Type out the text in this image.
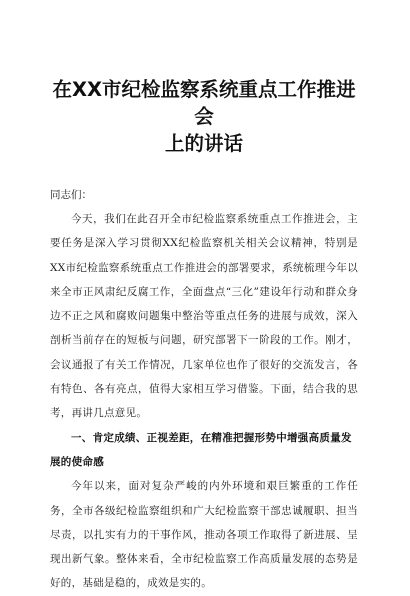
在XX市纪检监察系统重点工作推进会
上的讲话

同志们：

今天，我们在此召开全市纪检监察系统重点工作推进会，主要任务是深入学习贯彻XX纪检监察机关相关会议精神，特别是XX市纪检监察系统重点工作推进会的部署要求，系统梳理今年以来全市正风肃纪反腐工作，全面盘点“三化”建设年行动和群众身边不正之风和腐败问题集中整治等重点任务的进展与成效，深入剖析当前存在的短板与问题，研究部署下一阶段的工作。刚才，会议通报了有关工作情况，几家单位也作了很好的交流发言，各有特色、各有亮点，值得大家相互学习借鉴。下面，结合我的思考，再讲几点意见。

一、肯定成绩、正视差距，在精准把握形势中增强高质量发展的使命感

今年以来，面对复杂严峻的内外环境和艰巨繁重的工作任务，全市各级纪检监察组织和广大纪检监察干部忠诚履职、担当尽责，以扎实有力的干事作风，推动各项工作取得了新进展、呈现出新气象。整体来看，全市纪检监察工作高质量发展的态势是好的，基础是稳的，成效是实的。
